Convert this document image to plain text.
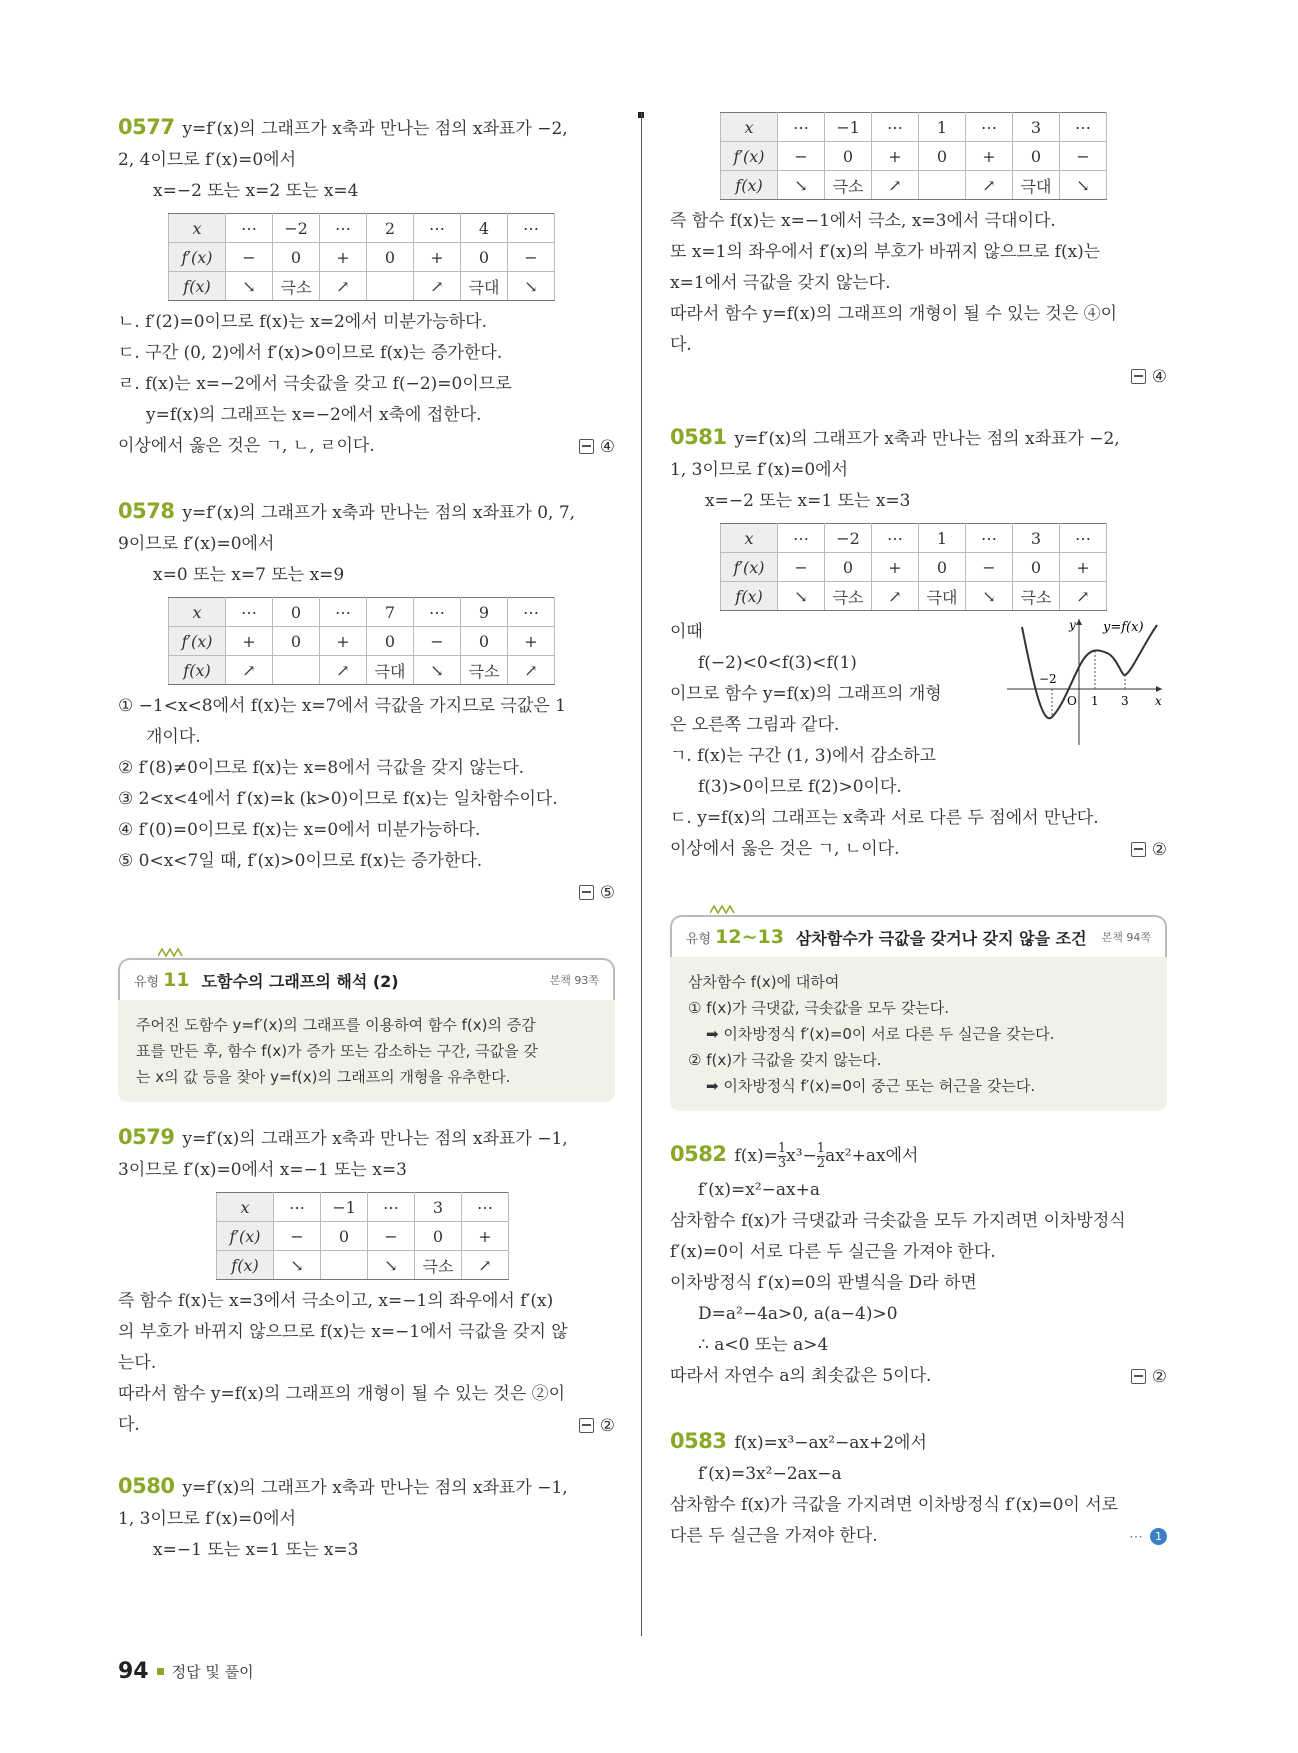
0577 y=f′(x)의 그래프가 x축과 만나는 점의 x좌표가 −2,

2, 4이므로 f′(x)=0에서

x=−2 또는 x=2 또는 x=4

x	⋯	−2	⋯	2	⋯	4	⋯
f′(x)	−	0	+	0	+	0	−
f(x)	↘	극소	↗		↗	극대	↘

ㄴ. f′(2)=0이므로 f(x)는 x=2에서 미분가능하다.

ㄷ. 구간 (0, 2)에서 f′(x)>0이므로 f(x)는 증가한다.

ㄹ. f(x)는 x=−2에서 극솟값을 갖고 f(−2)=0이므로

y=f(x)의 그래프는 x=−2에서 x축에 접한다.

이상에서 옳은 것은 ㄱ, ㄴ, ㄹ이다.	④

0578 y=f′(x)의 그래프가 x축과 만나는 점의 x좌표가 0, 7,

9이므로 f′(x)=0에서

x=0 또는 x=7 또는 x=9

x	⋯	0	⋯	7	⋯	9	⋯
f′(x)	+	0	+	0	−	0	+
f(x)	↗		↗	극대	↘	극소	↗

① −1<x<8에서 f(x)는 x=7에서 극값을 가지므로 극값은 1

개이다.

② f′(8)≠0이므로 f(x)는 x=8에서 극값을 갖지 않는다.

③ 2<x<4에서 f′(x)=k (k>0)이므로 f(x)는 일차함수이다.

④ f′(0)=0이므로 f(x)는 x=0에서 미분가능하다.

⑤ 0<x<7일 때, f′(x)>0이므로 f(x)는 증가한다.

⑤
유형 11 도함수의 그래프의 해석 (2)	본책 93쪽
주어진 도함수 y=f′(x)의 그래프를 이용하여 함수 f(x)의 증감
표를 만든 후, 함수 f(x)가 증가 또는 감소하는 구간, 극값을 갖
는 x의 값 등을 찾아 y=f(x)의 그래프의 개형을 유추한다.

0579 y=f′(x)의 그래프가 x축과 만나는 점의 x좌표가 −1,

3이므로 f′(x)=0에서 x=−1 또는 x=3

x	⋯	−1	⋯	3	⋯
f′(x)	−	0	−	0	+
f(x)	↘		↘	극소	↗

즉 함수 f(x)는 x=3에서 극소이고, x=−1의 좌우에서 f′(x)

의 부호가 바뀌지 않으므로 f(x)는 x=−1에서 극값을 갖지 않

는다.

따라서 함수 y=f(x)의 그래프의 개형이 될 수 있는 것은 ②이

다.	②

0580 y=f′(x)의 그래프가 x축과 만나는 점의 x좌표가 −1,

1, 3이므로 f′(x)=0에서

x=−1 또는 x=1 또는 x=3

x	⋯	−1	⋯	1	⋯	3	⋯
f′(x)	−	0	+	0	+	0	−
f(x)	↘	극소	↗		↗	극대	↘

즉 함수 f(x)는 x=−1에서 극소, x=3에서 극대이다.

또 x=1의 좌우에서 f′(x)의 부호가 바뀌지 않으므로 f(x)는

x=1에서 극값을 갖지 않는다.

따라서 함수 y=f(x)의 그래프의 개형이 될 수 있는 것은 ④이

다.

④

0581 y=f′(x)의 그래프가 x축과 만나는 점의 x좌표가 −2,

1, 3이므로 f′(x)=0에서

x=−2 또는 x=1 또는 x=3

x	⋯	−2	⋯	1	⋯	3	⋯
f′(x)	−	0	+	0	−	0	+
f(x)	↘	극소	↗	극대	↘	극소	↗
y
x
y=f(x)
O
−2
1 3

이때

f(−2)<0<f(3)<f(1)

이므로 함수 y=f(x)의 그래프의 개형

은 오른쪽 그림과 같다.

ㄱ. f(x)는 구간 (1, 3)에서 감소하고

f(3)>0이므로 f(2)>0이다.

ㄷ. y=f(x)의 그래프는 x축과 서로 다른 두 점에서 만난다.

이상에서 옳은 것은 ㄱ, ㄴ이다.	②
유형 12~13 삼차함수가 극값을 갖거나 갖지 않을 조건	본책 94쪽
삼차함수 f(x)에 대하여
① f(x)가 극댓값, 극솟값을 모두 갖는다.
➡ 이차방정식 f′(x)=0이 서로 다른 두 실근을 갖는다.
② f(x)가 극값을 갖지 않는다.
➡ 이차방정식 f′(x)=0이 중근 또는 허근을 갖는다.

0582 $f(x)= \frac{1}{3} x^3- \frac{1}{2} ax^2+ax$에서

f′(x)=x²−ax+a

삼차함수 f(x)가 극댓값과 극솟값을 모두 가지려면 이차방정식

f′(x)=0이 서로 다른 두 실근을 가져야 한다.

이차방정식 f′(x)=0의 판별식을 D라 하면

D=a²−4a>0, a(a−4)>0

∴ a<0 또는 a>4

따라서 자연수 a의 최솟값은 5이다.	②

0583 f(x)=x³−ax²−ax+2에서

f′(x)=3x²−2ax−a

삼차함수 f(x)가 극값을 가지려면 이차방정식 f′(x)=0이 서로

다른 두 실근을 가져야 한다.	⋯	1
94 정답 및 풀이
